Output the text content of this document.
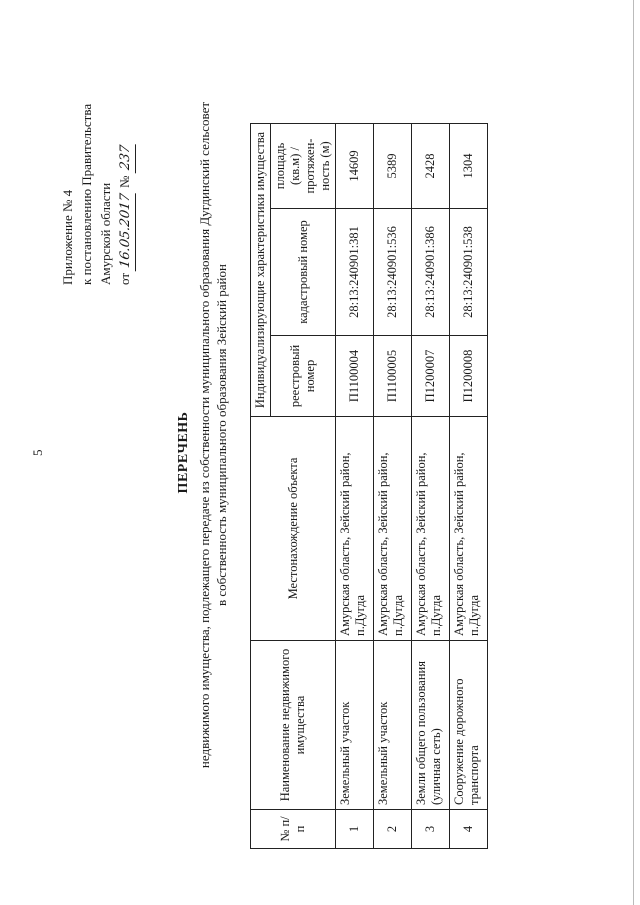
5
Приложение № 4 к постановлению Правительства Амурской области от 16.05.2017 № 237
ПЕРЕЧЕНЬ недвижимого имущества, подлежащего передаче из собственности муниципального образования Дугдинский сельсовет в собственность муниципального образования Зейский район
№ п/п	Наименование недвижимого имущества	Местонахождение объекта	Индивидуализирующие характеристики имущества		
			реестровый номер	кадастровый номер	площадь (кв.м) / протяжен-ность (м)
1	Земельный участок	Амурская область, Зейский район, п.Дугда	П1100004	28:13:240901:381	14609
2	Земельный участок	Амурская область, Зейский район, п.Дугда	П1100005	28:13:240901:536	5389
3	Земли общего пользования (уличная сеть)	Амурская область, Зейский район, п.Дугда	П1200007	28:13:240901:386	2428
4	Сооружение дорожного транспорта	Амурская область, Зейский район, п.Дугда	П1200008	28:13:240901:538	1304
